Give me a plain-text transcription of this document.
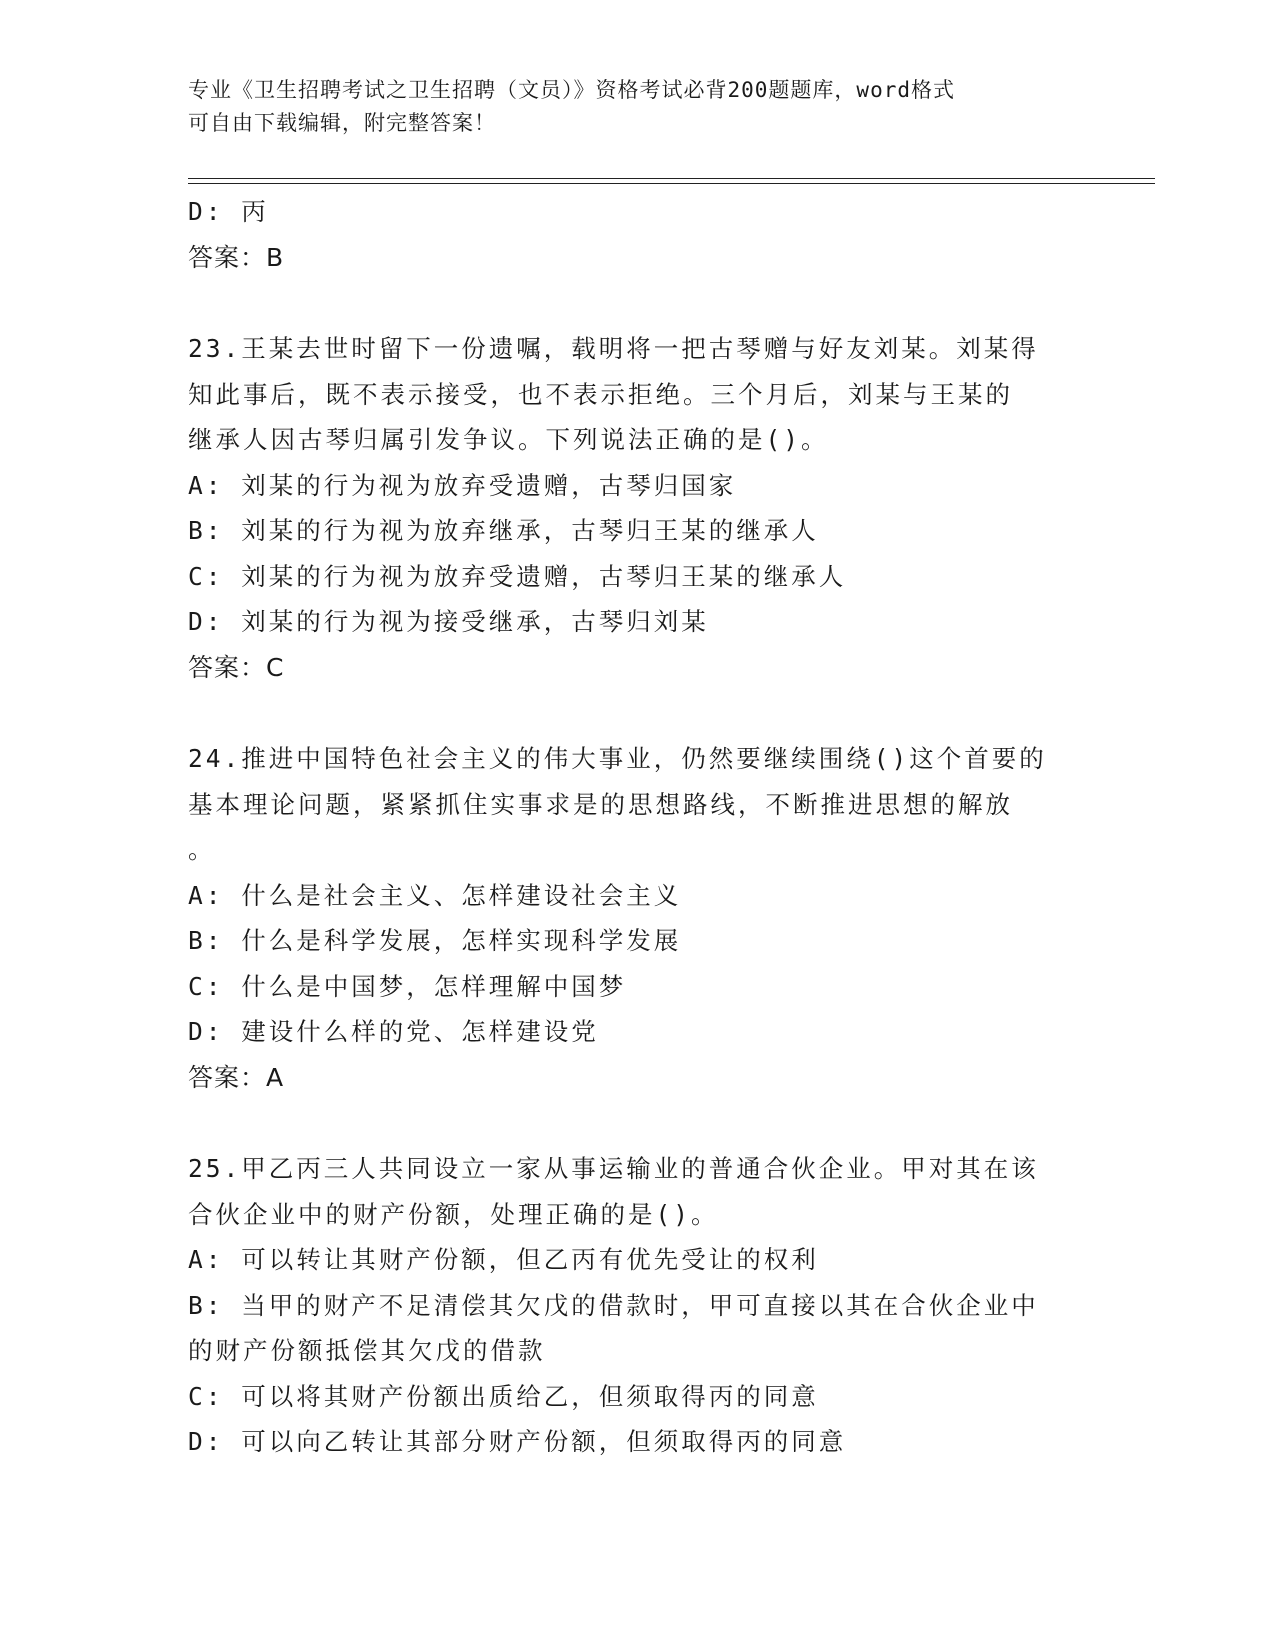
专业《卫生招聘考试之卫生招聘（文员）》资格考试必背200题题库，word格式
可自由下载编辑，附完整答案！
D: 丙
答案：B
23.王某去世时留下一份遗嘱，载明将一把古琴赠与好友刘某。刘某得
知此事后，既不表示接受，也不表示拒绝。三个月后，刘某与王某的
继承人因古琴归属引发争议。下列说法正确的是()。
A: 刘某的行为视为放弃受遗赠，古琴归国家
B: 刘某的行为视为放弃继承，古琴归王某的继承人
C: 刘某的行为视为放弃受遗赠，古琴归王某的继承人
D: 刘某的行为视为接受继承，古琴归刘某
答案：C
24.推进中国特色社会主义的伟大事业，仍然要继续围绕()这个首要的
基本理论问题，紧紧抓住实事求是的思想路线，不断推进思想的解放
。
A: 什么是社会主义、怎样建设社会主义
B: 什么是科学发展，怎样实现科学发展
C: 什么是中国梦，怎样理解中国梦
D: 建设什么样的党、怎样建设党
答案：A
25.甲乙丙三人共同设立一家从事运输业的普通合伙企业。甲对其在该
合伙企业中的财产份额，处理正确的是()。
A: 可以转让其财产份额，但乙丙有优先受让的权利
B: 当甲的财产不足清偿其欠戊的借款时，甲可直接以其在合伙企业中
的财产份额抵偿其欠戊的借款
C: 可以将其财产份额出质给乙，但须取得丙的同意
D: 可以向乙转让其部分财产份额，但须取得丙的同意
